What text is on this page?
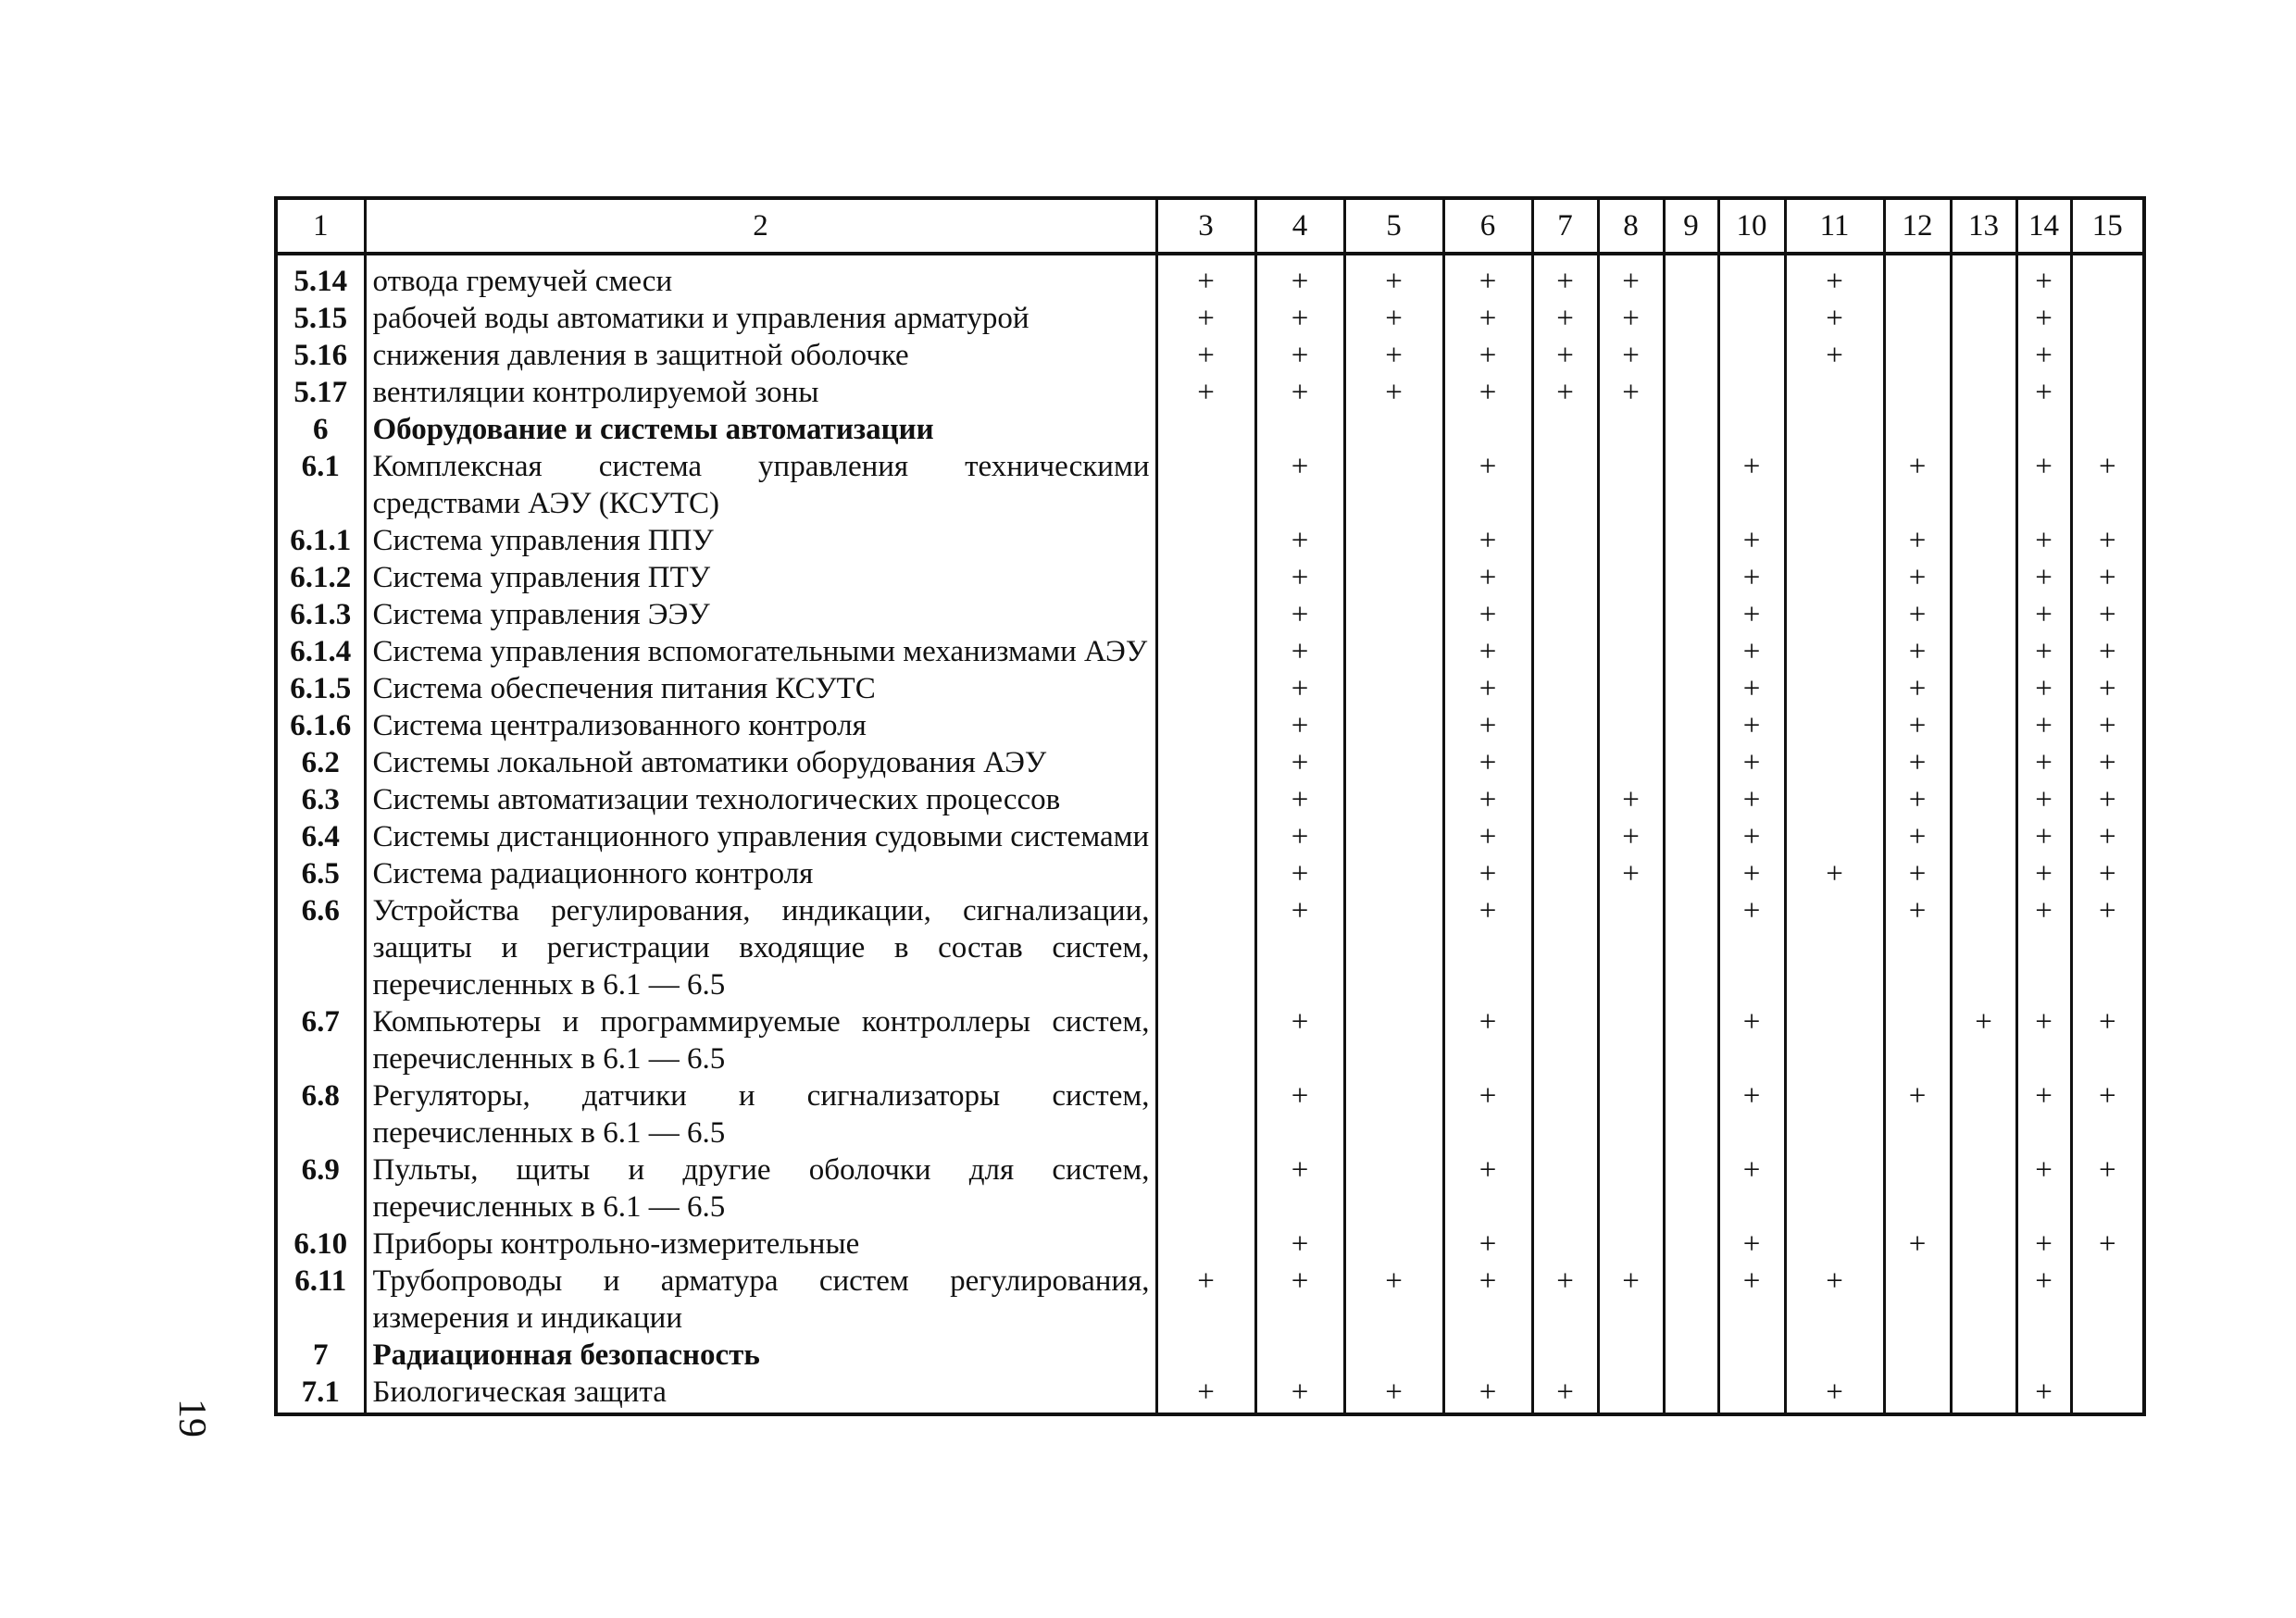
19
1	2	3	4	5	6	7	8	9	10	11	12	13	14	15
5.14	отвода гремучей смеси	+	+	+	+	+	+			+			+	
5.15	рабочей воды автоматики и управления арматурой	+	+	+	+	+	+			+			+	
5.16	снижения давления в защитной оболочке	+	+	+	+	+	+			+			+	
5.17	вентиляции контролируемой зоны	+	+	+	+	+	+						+	
6	Оборудование и системы автоматизации													
6.1	Комплексная система управления техническими средствами АЭУ (КСУТС)		+		+				+		+		+	+
6.1.1	Система управления ППУ		+		+				+		+		+	+
6.1.2	Система управления ПТУ		+		+				+		+		+	+
6.1.3	Система управления ЭЭУ		+		+				+		+		+	+
6.1.4	Система управления вспомогательными механизмами АЭУ		+		+				+		+		+	+
6.1.5	Система обеспечения питания КСУТС		+		+				+		+		+	+
6.1.6	Система централизованного контроля		+		+				+		+		+	+
6.2	Системы локальной автоматики оборудования АЭУ		+		+				+		+		+	+
6.3	Системы автоматизации технологических процессов		+		+		+		+		+		+	+
6.4	Системы дистанционного управления судовыми системами		+		+		+		+		+		+	+
6.5	Система радиационного контроля		+		+		+		+	+	+		+	+
6.6	Устройства регулирования, индикации, сигнализации, защиты и регистрации входящие в состав систем, перечисленных в 6.1 — 6.5		+		+				+		+		+	+
6.7	Компьютеры и программируемые контроллеры систем, перечисленных в 6.1 — 6.5		+		+				+			+	+	+
6.8	Регуляторы, датчики и сигнализаторы систем, перечисленных в 6.1 — 6.5		+		+				+		+		+	+
6.9	Пульты, щиты и другие оболочки для систем, перечисленных в 6.1 — 6.5		+		+				+				+	+
6.10	Приборы контрольно-измерительные		+		+				+		+		+	+
6.11	Трубопроводы и арматура систем регулирования, измерения и индикации	+	+	+	+	+	+		+	+			+	
7	Радиационная безопасность													
7.1	Биологическая защита	+	+	+	+	+				+			+	
